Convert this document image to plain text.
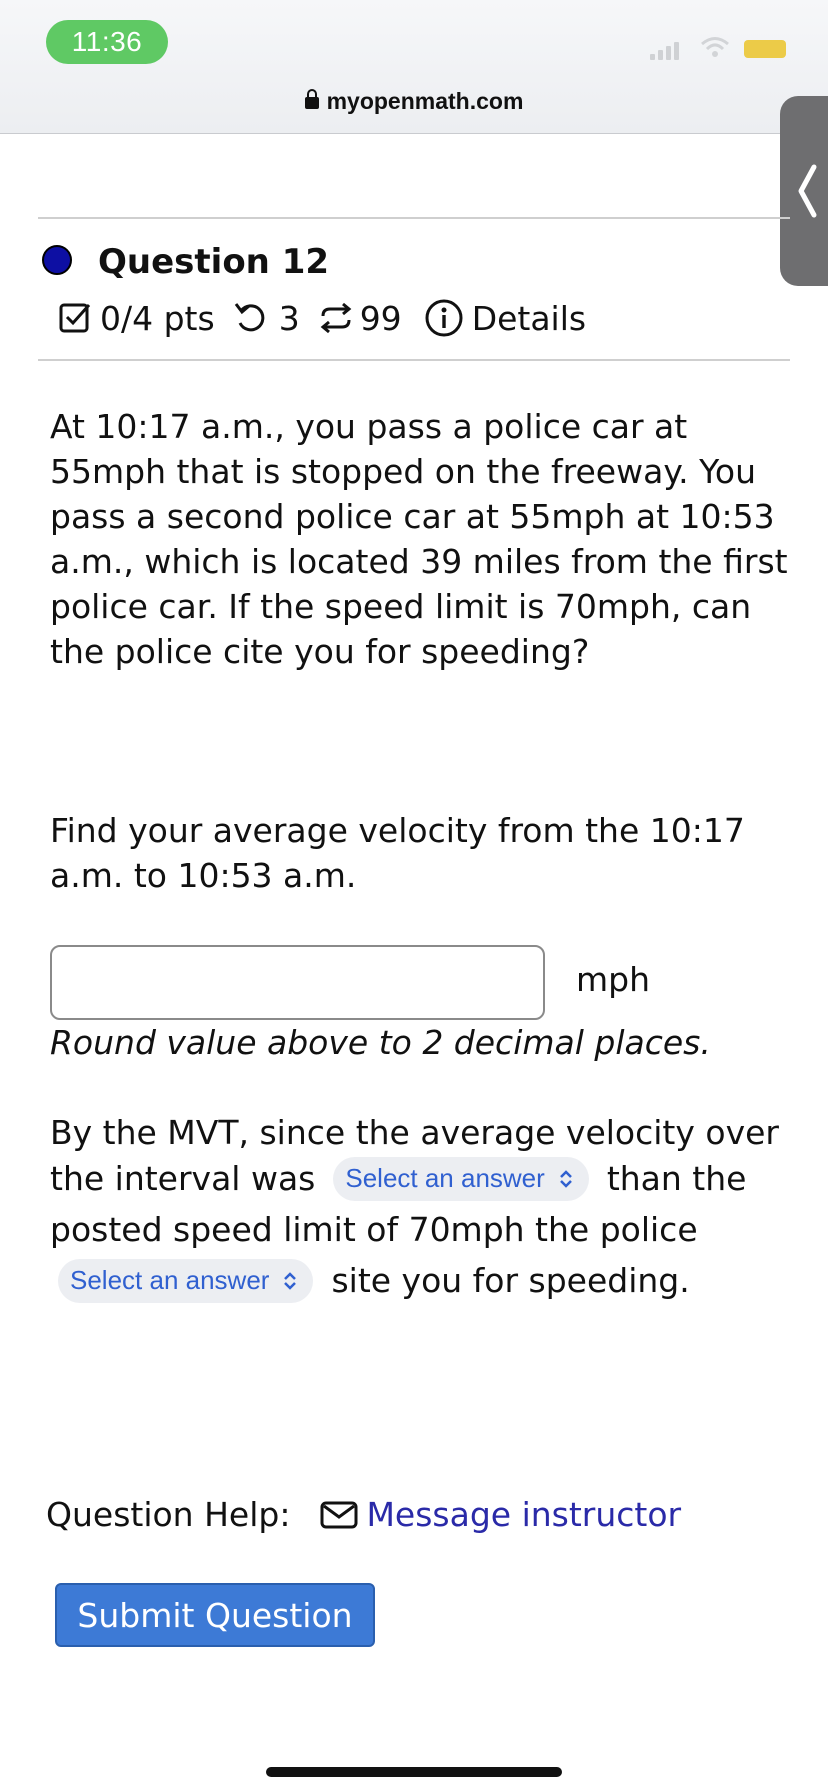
11:36
myopenmath.com
Question 12
0/4 pts 3 99 Details
At 10:17 a.m., you pass a police car at 55mph that is stopped on the freeway. You pass a second police car at 55mph at 10:53 a.m., which is located 39 miles from the first police car. If the speed limit is 70mph, can the police cite you for speeding?
Find your average velocity from the 10:17 a.m. to 10:53 a.m.
mph
Round value above to 2 decimal places.
By the MVT, since the average velocity over
the interval was Select an answer than the
posted speed limit of 70mph the police
Select an answer site you for speeding.
Question Help: Message instructor
Submit Question
